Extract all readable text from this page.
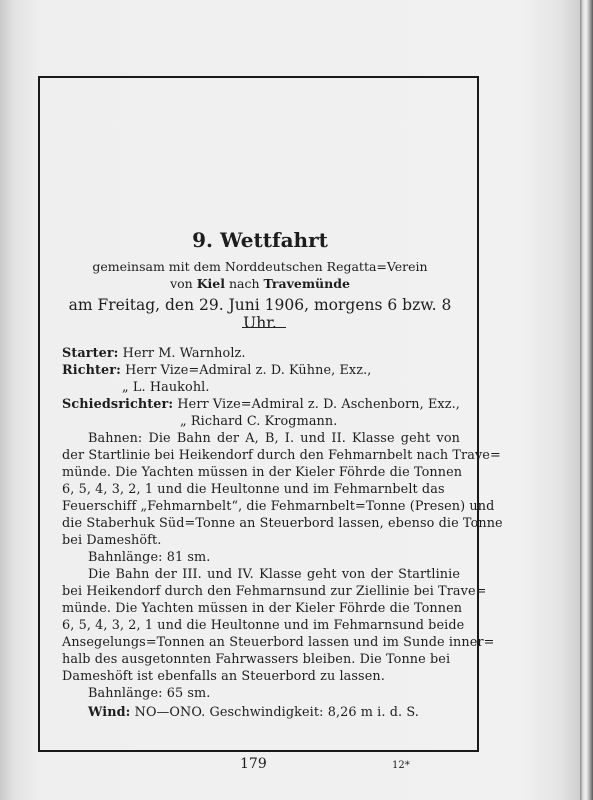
9. Wettfahrt
gemeinsam mit dem Norddeutschen Regatta=Verein
von Kiel nach Travemünde
am Freitag, den 29. Juni 1906, morgens 6 bzw. 8 Uhr.
Starter: Herr M. Warnholz.
Richter: Herr Vize=Admiral z. D. Kühne, Exz.,
„ L. Haukohl.
Schiedsrichter: Herr Vize=Admiral z. D. Aschenborn, Exz.,
„ Richard C. Krogmann.
Bahnen: Die Bahn der A, B, I. und II. Klasse geht von
der Startlinie bei Heikendorf durch den Fehmarnbelt nach Trave=
münde. Die Yachten müssen in der Kieler Föhrde die Tonnen
6, 5, 4, 3, 2, 1 und die Heultonne und im Fehmarnbelt das
Feuerschiff „Fehmarnbelt“, die Fehmarnbelt=Tonne (Presen) und
die Staberhuk Süd=Tonne an Steuerbord lassen, ebenso die Tonne
bei Dameshöft.
Bahnlänge: 81 sm.
Die Bahn der III. und IV. Klasse geht von der Startlinie
bei Heikendorf durch den Fehmarnsund zur Ziellinie bei Trave=
münde. Die Yachten müssen in der Kieler Föhrde die Tonnen
6, 5, 4, 3, 2, 1 und die Heultonne und im Fehmarnsund beide
Ansegelungs=Tonnen an Steuerbord lassen und im Sunde inner=
halb des ausgetonnten Fahrwassers bleiben. Die Tonne bei
Dameshöft ist ebenfalls an Steuerbord zu lassen.
Bahnlänge: 65 sm.
Wind: NO—ONO. Geschwindigkeit: 8,26 m i. d. S.
179	12*
